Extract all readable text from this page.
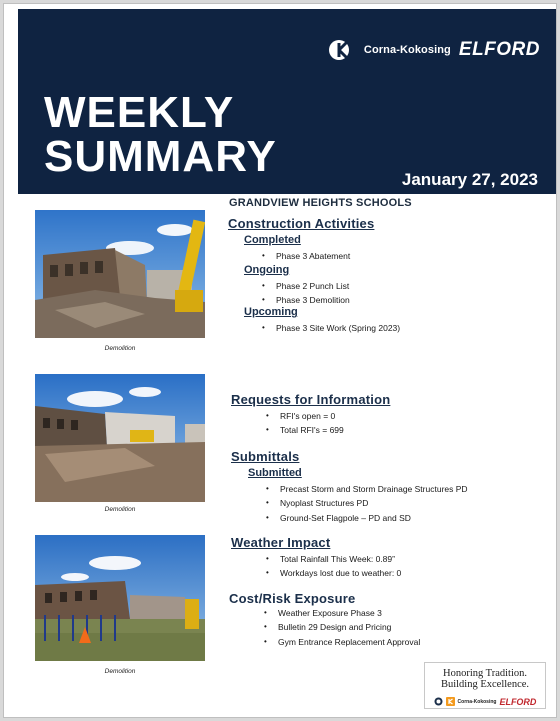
Corna-Kokosing ELFORD
WEEKLY
SUMMARY	January 27, 2023
GRANDVIEW HEIGHTS SCHOOLS
Demolition
Demolition
Demolition
Construction Activities
Completed
• Phase 3 Abatement
Ongoing
• Phase 2 Punch List
• Phase 3 Demolition
Upcoming
• Phase 3 Site Work (Spring 2023)
Requests for Information
• RFI's open = 0
• Total RFI's = 699
Submittals
Submitted
• Precast Storm and Storm Drainage Structures PD
• Nyoplast Structures PD
• Ground-Set Flagpole – PD and SD
Weather Impact
• Total Rainfall This Week: 0.89”
• Workdays lost due to weather: 0
Cost/Risk Exposure
• Weather Exposure Phase 3
• Bulletin 29 Design and Pricing
• Gym Entrance Replacement Approval
Honoring Tradition.
Building Excellence.
Corna-Kokosing ELFORD
